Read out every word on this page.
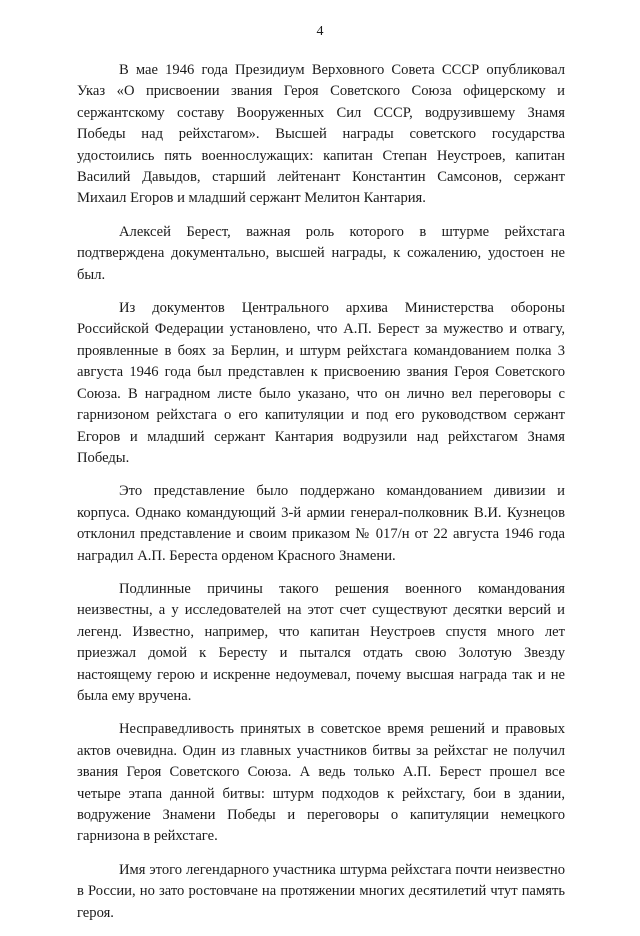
4

В мае 1946 года Президиум Верховного Совета СССР опубликовал Указ «О присвоении звания Героя Советского Союза офицерскому и сержантскому составу Вооруженных Сил СССР, водрузившему Знамя Победы над рейхстагом». Высшей награды советского государства удостоились пять военнослужащих: капитан Степан Неустроев, капитан Василий Давыдов, старший лейтенант Константин Самсонов, сержант Михаил Егоров и младший сержант Мелитон Кантария.

Алексей Берест, важная роль которого в штурме рейхстага подтверждена документально, высшей награды, к сожалению, удостоен не был.

Из документов Центрального архива Министерства обороны Российской Федерации установлено, что А.П. Берест за мужество и отвагу, проявленные в боях за Берлин, и штурм рейхстага командованием полка 3 августа 1946 года был представлен к присвоению звания Героя Советского Союза. В наградном листе было указано, что он лично вел переговоры с гарнизоном рейхстага о его капитуляции и под его руководством сержант Егоров и младший сержант Кантария водрузили над рейхстагом Знамя Победы.

Это представление было поддержано командованием дивизии и корпуса. Однако командующий 3-й армии генерал-полковник В.И. Кузнецов отклонил представление и своим приказом № 017/н от 22 августа 1946 года наградил А.П. Береста орденом Красного Знамени.

Подлинные причины такого решения военного командования неизвестны, а у исследователей на этот счет существуют десятки версий и легенд. Известно, например, что капитан Неустроев спустя много лет приезжал домой к Бересту и пытался отдать свою Золотую Звезду настоящему герою и искренне недоумевал, почему высшая награда так и не была ему вручена.

Несправедливость принятых в советское время решений и правовых актов очевидна. Один из главных участников битвы за рейхстаг не получил звания Героя Советского Союза. А ведь только А.П. Берест прошел все четыре этапа данной битвы: штурм подходов к рейхстагу, бои в здании, водружение Знамени Победы и переговоры о капитуляции немецкого гарнизона в рейхстаге.

Имя этого легендарного участника штурма рейхстага почти неизвестно в России, но зато ростовчане на протяжении многих десятилетий чтут память героя.
